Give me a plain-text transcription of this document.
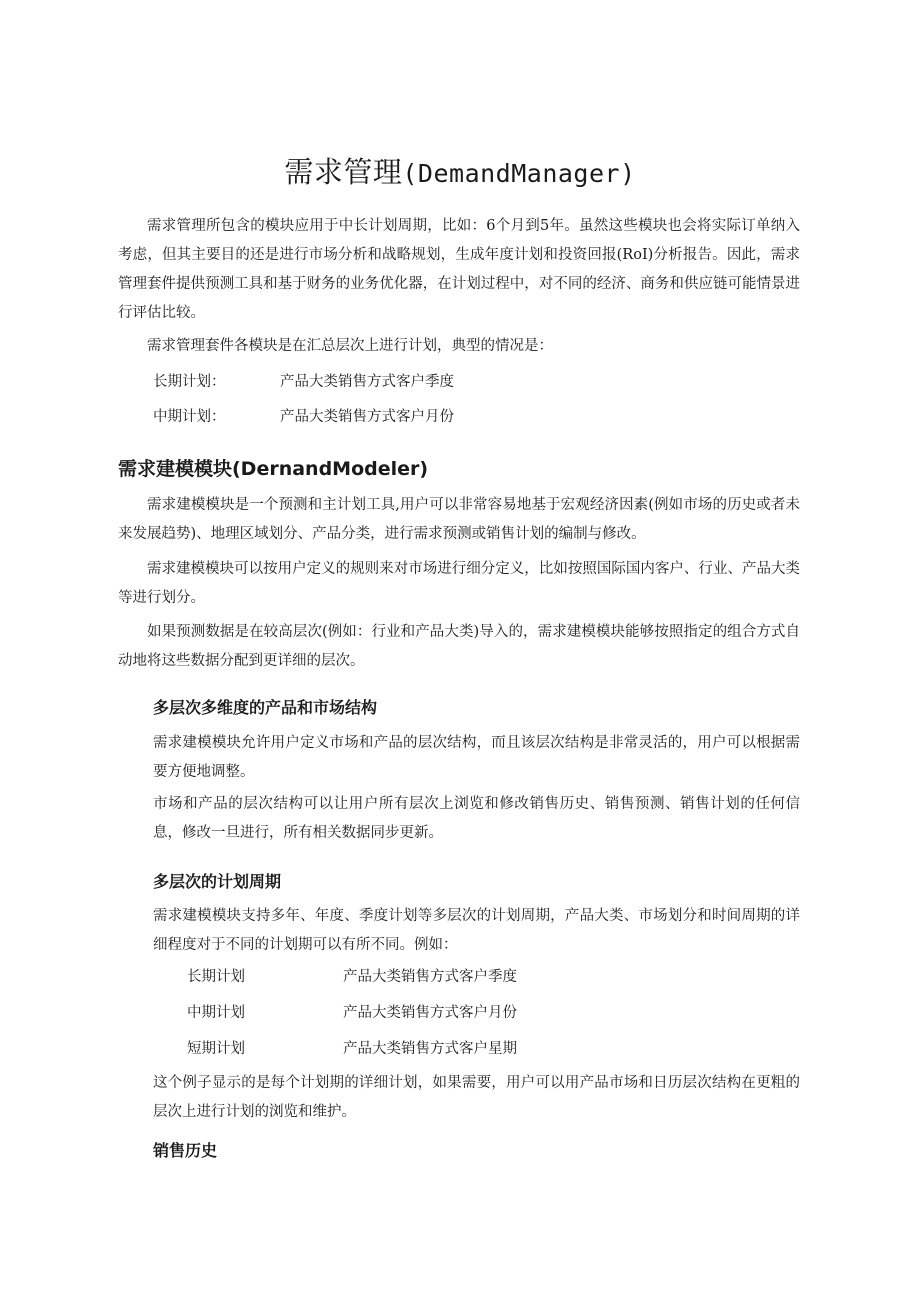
需求管理(DemandManager)

需求管理所包含的模块应用于中长计划周期，比如：6个月到5年。虽然这些模块也会将实际订单纳入考虑，但其主要目的还是进行市场分析和战略规划，生成年度计划和投资回报(RoI)分析报告。因此，需求管理套件提供预测工具和基于财务的业务优化器，在计划过程中，对不同的经济、商务和供应链可能情景进行评估比较。

需求管理套件各模块是在汇总层次上进行计划，典型的情况是：

长期计划：	产品大类销售方式客户季度
中期计划：	产品大类销售方式客户月份
需求建模模块(DernandModeler)

需求建模模块是一个预测和主计划工具,用户可以非常容易地基于宏观经济因素(例如市场的历史或者未来发展趋势)、地理区域划分、产品分类，进行需求预测或销售计划的编制与修改。

需求建模模块可以按用户定义的规则来对市场进行细分定义，比如按照国际国内客户、行业、产品大类等进行划分。

如果预测数据是在较高层次(例如：行业和产品大类)导入的，需求建模模块能够按照指定的组合方式自动地将这些数据分配到更详细的层次。

多层次多维度的产品和市场结构

需求建模模块允许用户定义市场和产品的层次结构，而且该层次结构是非常灵活的，用户可以根据需要方便地调整。

市场和产品的层次结构可以让用户所有层次上浏览和修改销售历史、销售预测、销售计划的任何信息，修改一旦进行，所有相关数据同步更新。

多层次的计划周期

需求建模模块支持多年、年度、季度计划等多层次的计划周期，产品大类、市场划分和时间周期的详细程度对于不同的计划期可以有所不同。例如：

长期计划	产品大类销售方式客户季度
中期计划	产品大类销售方式客户月份
短期计划	产品大类销售方式客户星期

这个例子显示的是每个计划期的详细计划，如果需要，用户可以用产品市场和日历层次结构在更粗的层次上进行计划的浏览和维护。

销售历史
